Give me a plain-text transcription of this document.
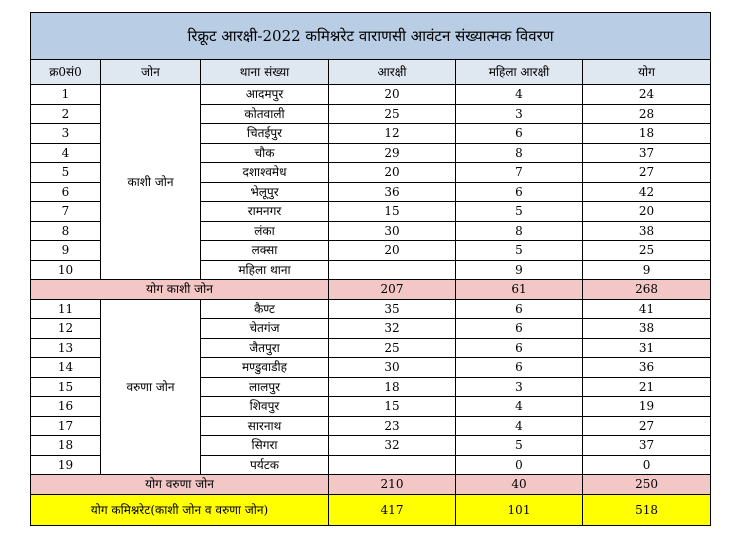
रिक्रूट आरक्षी-2022 कमिश्नरेट वाराणसी आवंटन संख्यात्मक विवरण					
क्र0सं0	जोन	थाना संख्या	आरक्षी	महिला आरक्षी	योग
1	काशी जोन	आदमपुर	20	4	24
2		कोतवाली	25	3	28
3		चितईपुर	12	6	18
4		चौक	29	8	37
5		दशाश्वमेध	20	7	27
6		भेलूपुर	36	6	42
7		रामनगर	15	5	20
8		लंका	30	8	38
9		लक्सा	20	5	25
10		महिला थाना		9	9
योग काशी जोन			207	61	268
11	वरुणा जोन	कैण्ट	35	6	41
12		चेतगंज	32	6	38
13		जैतपुरा	25	6	31
14		मण्डुवाडीह	30	6	36
15		लालपुर	18	3	21
16		शिवपुर	15	4	19
17		सारनाथ	23	4	27
18		सिगरा	32	5	37
19		पर्यटक		0	0
योग वरुणा जोन			210	40	250
योग कमिश्नरेट(काशी जोन व वरुणा जोन)			417	101	518
